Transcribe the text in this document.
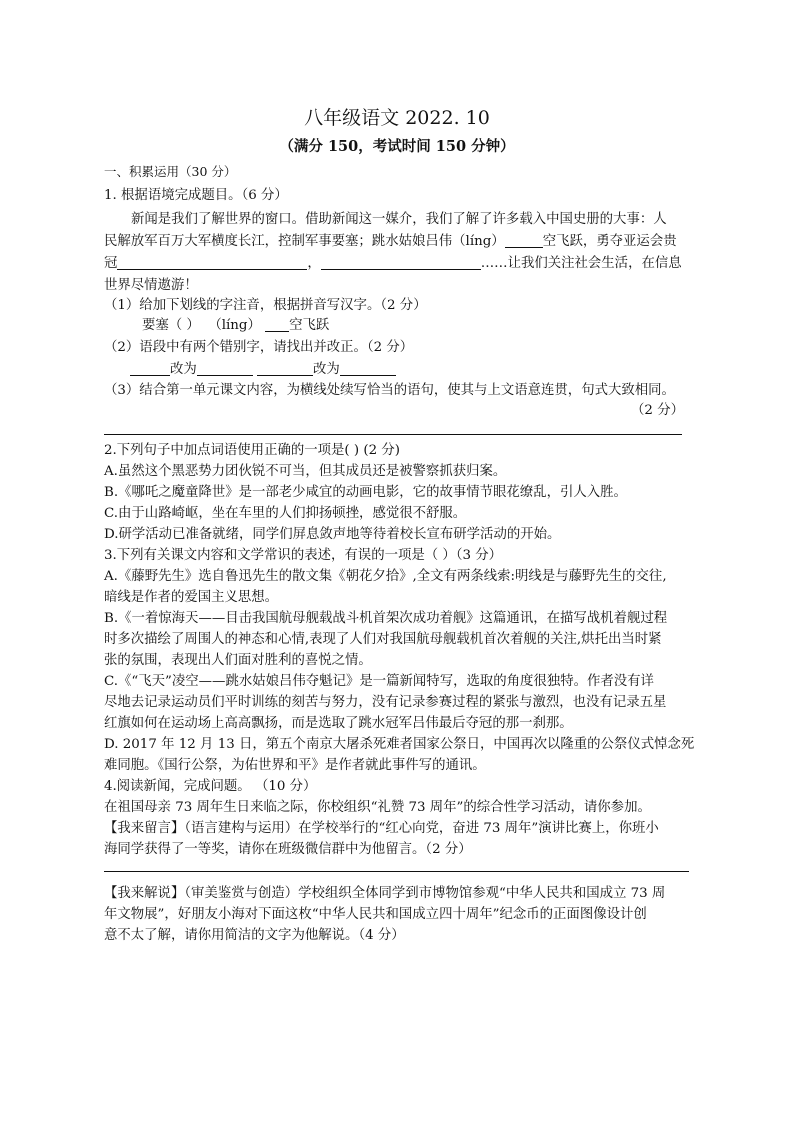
八年级语文 2022. 10
（满分 150，考试时间 150 分钟）
一、积累运用（30 分）
1. 根据语境完成题目。（6 分）
新闻是我们了解世界的窗口。借助新闻这一媒介，我们了解了许多载入中国史册的大事：人
民解放军百万大军横度长江，控制军事要塞；跳水姑娘吕伟（líng）	空飞跃，勇夺亚运会贵
冠	，	……让我们关注社会生活，在信息
世界尽情遨游！
（1）给加下划线的字注音，根据拼音写汉字。（2 分）
要塞（ ） （líng） 空飞跃
（2）语段中有两个错别字，请找出并改正。（2 分）
改为	改为
（3）结合第一单元课文内容，为横线处续写恰当的语句，使其与上文语意连贯，句式大致相同。
（2 分）
2.下列句子中加点词语使用正确的一项是( ) (2 分)
A.虽然这个黑恶势力团伙锐不可当，但其成员还是被警察抓获归案。
B.《哪吒之魔童降世》是一部老少咸宜的动画电影，它的故事情节眼花缭乱，引人入胜。
C.由于山路崎岖，坐在车里的人们抑扬顿挫，感觉很不舒服。
D.研学活动已准备就绪，同学们屏息敛声地等待着校长宣布研学活动的开始。
3.下列有关课文内容和文学常识的表述，有误的一项是（ ）（3 分）
A.《藤野先生》选自鲁迅先生的散文集《朝花夕拾》,全文有两条线索:明线是与藤野先生的交往,
暗线是作者的爱国主义思想。
B.《一着惊海天——目击我国航母舰载战斗机首架次成功着舰》这篇通讯，在描写战机着舰过程
时多次描绘了周围人的神态和心情,表现了人们对我国航母舰载机首次着舰的关注,烘托出当时紧
张的氛围，表现出人们面对胜利的喜悦之情。
C.《“飞天”凌空——跳水姑娘吕伟夺魁记》是一篇新闻特写，选取的角度很独特。作者没有详
尽地去记录运动员们平时训练的刻苦与努力，没有记录参赛过程的紧张与激烈，也没有记录五星
红旗如何在运动场上高高飘扬，而是选取了跳水冠军吕伟最后夺冠的那一刹那。
D. 2017 年 12 月 13 日，第五个南京大屠杀死难者国家公祭日，中国再次以隆重的公祭仪式悼念死
难同胞。《国行公祭，为佑世界和平》是作者就此事件写的通讯。
4.阅读新闻，完成问题。 （10 分）
在祖国母亲 73 周年生日来临之际，你校组织“礼赞 73 周年”的综合性学习活动，请你参加。
【我来留言】（语言建构与运用）在学校举行的“红心向党，奋进 73 周年”演讲比赛上，你班小
海同学获得了一等奖，请你在班级微信群中为他留言。（2 分）
【我来解说】（审美鉴赏与创造）学校组织全体同学到市博物馆参观“中华人民共和国成立 73 周
年文物展”，好朋友小海对下面这枚“中华人民共和国成立四十周年”纪念币的正面图像设计创
意不太了解，请你用简洁的文字为他解说。（4 分）
